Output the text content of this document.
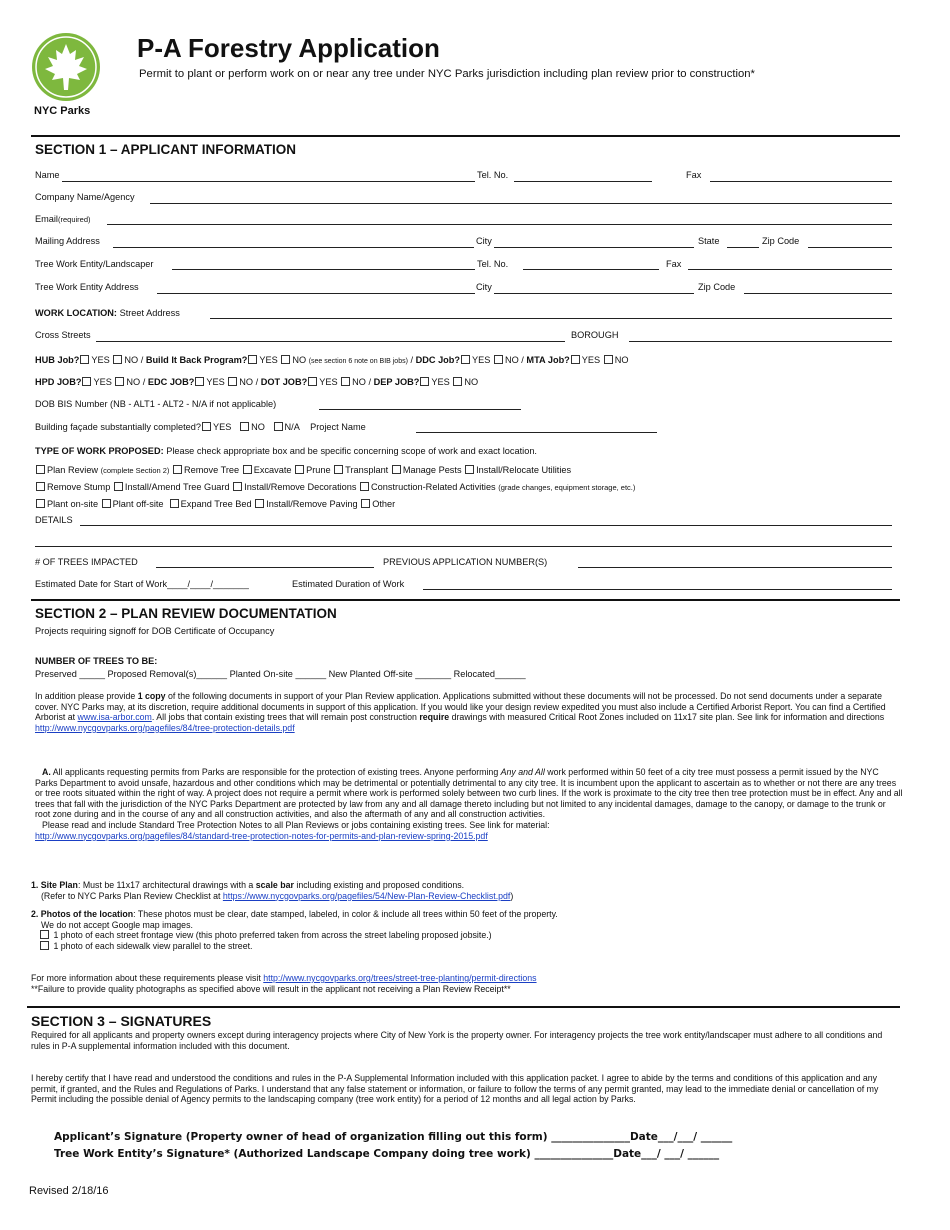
NYC Parks
P-A Forestry Application
Permit to plant or perform work on or near any tree under NYC Parks jurisdiction including plan review prior to construction*
SECTION 1 – APPLICANT INFORMATION
Name	Tel. No.	Fax
Company Name/Agency
Email(required)
Mailing Address	City	State	Zip Code
Tree Work Entity/Landscaper	Tel. No.	Fax
Tree Work Entity Address	City	Zip Code
WORK LOCATION: Street Address
Cross Streets	BOROUGH
HUB Job? YES NO / Build It Back Program? YES NO (see section 6 note on BIB jobs) / DDC Job? YES NO / MTA Job? YES NO
HPD JOB? YES NO / EDC JOB? YES NO / DOT JOB? YES NO / DEP JOB? YES NO
DOB BIS Number (NB - ALT1 - ALT2 - N/A if not applicable)
Building façade substantially completed? YES NO N/A Project Name
TYPE OF WORK PROPOSED: Please check appropriate box and be specific concerning scope of work and exact location.
Plan Review (complete Section 2) Remove Tree Excavate Prune Transplant Manage Pests Install/Relocate Utilities
Remove Stump Install/Amend Tree Guard Install/Remove Decorations Construction-Related Activities (grade changes, equipment storage, etc.)
Plant on-site Plant off-site Expand Tree Bed Install/Remove Paving Other
DETAILS
# OF TREES IMPACTED	PREVIOUS APPLICATION NUMBER(S)
Estimated Date for Start of Work____/____/_______	Estimated Duration of Work
SECTION 2 – PLAN REVIEW DOCUMENTATION
Projects requiring signoff for DOB Certificate of Occupancy
NUMBER OF TREES TO BE:
Preserved _____ Proposed Removal(s)______ Planted On-site ______ New Planted Off-site _______ Relocated______
In addition please provide 1 copy of the following documents in support of your Plan Review application. Applications submitted without these documents will not be processed. Do not send documents under a separate cover. NYC Parks may, at its discretion, require additional documents in support of this application. If you would like your design review expedited you must also include a Certified Arborist Report. You can find a Certified Arborist at www.isa-arbor.com. All jobs that contain existing trees that will remain post construction require drawings with measured Critical Root Zones included on 11x17 site plan. See link for information and directions
http://www.nycgovparks.org/pagefiles/84/tree-protection-details.pdf
A. All applicants requesting permits from Parks are responsible for the protection of existing trees. Anyone performing Any and All work performed within 50 feet of a city tree must possess a permit issued by the NYC Parks Department to avoid unsafe, hazardous and other conditions which may be detrimental or potentially detrimental to any city tree. It is incumbent upon the applicant to ascertain as to whether or not there are any trees or tree roots situated within the right of way. A project does not require a permit where work is performed solely between two curb lines. If the work is proximate to the city tree then tree protection must be in effect. Any and all trees that fall with the jurisdiction of the NYC Parks Department are protected by law from any and all damage thereto including but not limited to any incidental damages, damage to the canopy, or damage to the trunk or root zone during and in the course of any and all construction activities, and also the aftermath of any and all construction activities.
Please read and include Standard Tree Protection Notes to all Plan Reviews or jobs containing existing trees. See link for material:
http://www.nycgovparks.org/pagefiles/84/standard-tree-protection-notes-for-permits-and-plan-review-spring-2015.pdf
1. Site Plan: Must be 11x17 architectural drawings with a scale bar including existing and proposed conditions.
(Refer to NYC Parks Plan Review Checklist at https://www.nycgovparks.org/pagefiles/54/New-Plan-Review-Checklist.pdf)
2. Photos of the location: These photos must be clear, date stamped, labeled, in color & include all trees within 50 feet of the property.
We do not accept Google map images.
1 photo of each street frontage view (this photo preferred taken from across the street labeling proposed jobsite.)
1 photo of each sidewalk view parallel to the street.
For more information about these requirements please visit http://www.nycgovparks.org/trees/street-tree-planting/permit-directions
**Failure to provide quality photographs as specified above will result in the applicant not receiving a Plan Review Receipt**
SECTION 3 – SIGNATURES
Required for all applicants and property owners except during interagency projects where City of New York is the property owner. For interagency projects the tree work entity/landscaper must adhere to all conditions and rules in P-A supplemental information included with this document.
I hereby certify that I have read and understood the conditions and rules in the P-A Supplemental Information included with this application packet. I agree to abide by the terms and conditions of this application and any permit, if granted, and the Rules and Regulations of Parks. I understand that any false statement or information, or failure to follow the terms of any permit granted, may lead to the immediate denial or cancellation of my Permit including the possible denial of Agency permits to the landscaping company (tree work entity) for a period of 12 months and all legal action by Parks.
Applicant’s Signature (Property owner of head of organization filling out this form) _______________Date___/___/ ______
Tree Work Entity’s Signature* (Authorized Landscape Company doing tree work) _______________Date___/ ___/ ______
Revised 2/18/16
